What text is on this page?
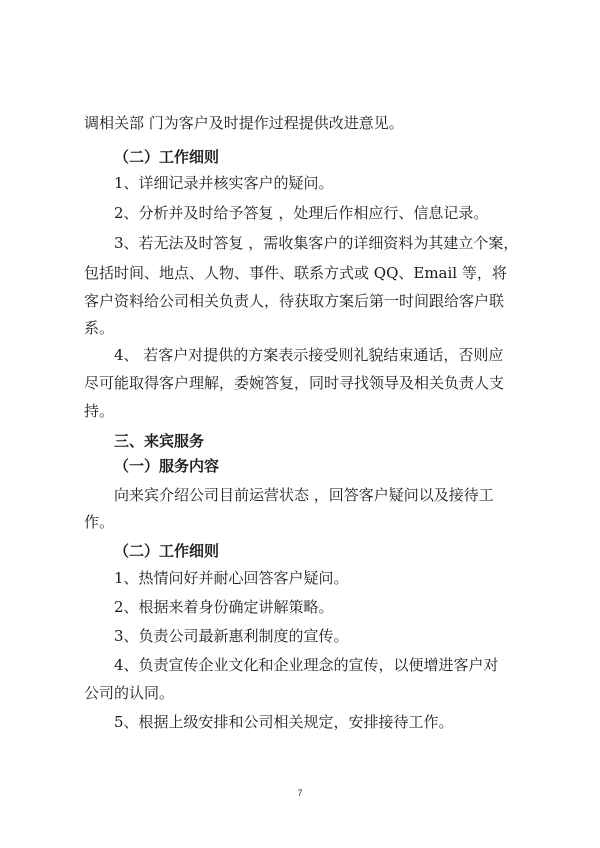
调相关部 门为客户及时提作过程提供改进意见。
（二）工作细则
1、详细记录并核实客户的疑问。
2、分析并及时给予答复 ，处理后作相应行、信息记录。
3、若无法及时答复 ，需收集客户的详细资料为其建立个案，
包括时间、地点、人物、事件、联系方式或 QQ、Email 等，将
客户资料给公司相关负责人，待获取方案后第一时间跟给客户联
系。
4、 若客户对提供的方案表示接受则礼貌结束通话，否则应
尽可能取得客户理解，委婉答复，同时寻找领导及相关负责人支
持。
三、来宾服务
（一）服务内容
向来宾介绍公司目前运营状态 ，回答客户疑问以及接待工
作。
（二）工作细则
1、热情问好并耐心回答客户疑问。
2、根据来着身份确定讲解策略。
3、负责公司最新惠利制度的宣传。
4、负责宣传企业文化和企业理念的宣传，以便增进客户对
公司的认同。
5、根据上级安排和公司相关规定，安排接待工作。
7
